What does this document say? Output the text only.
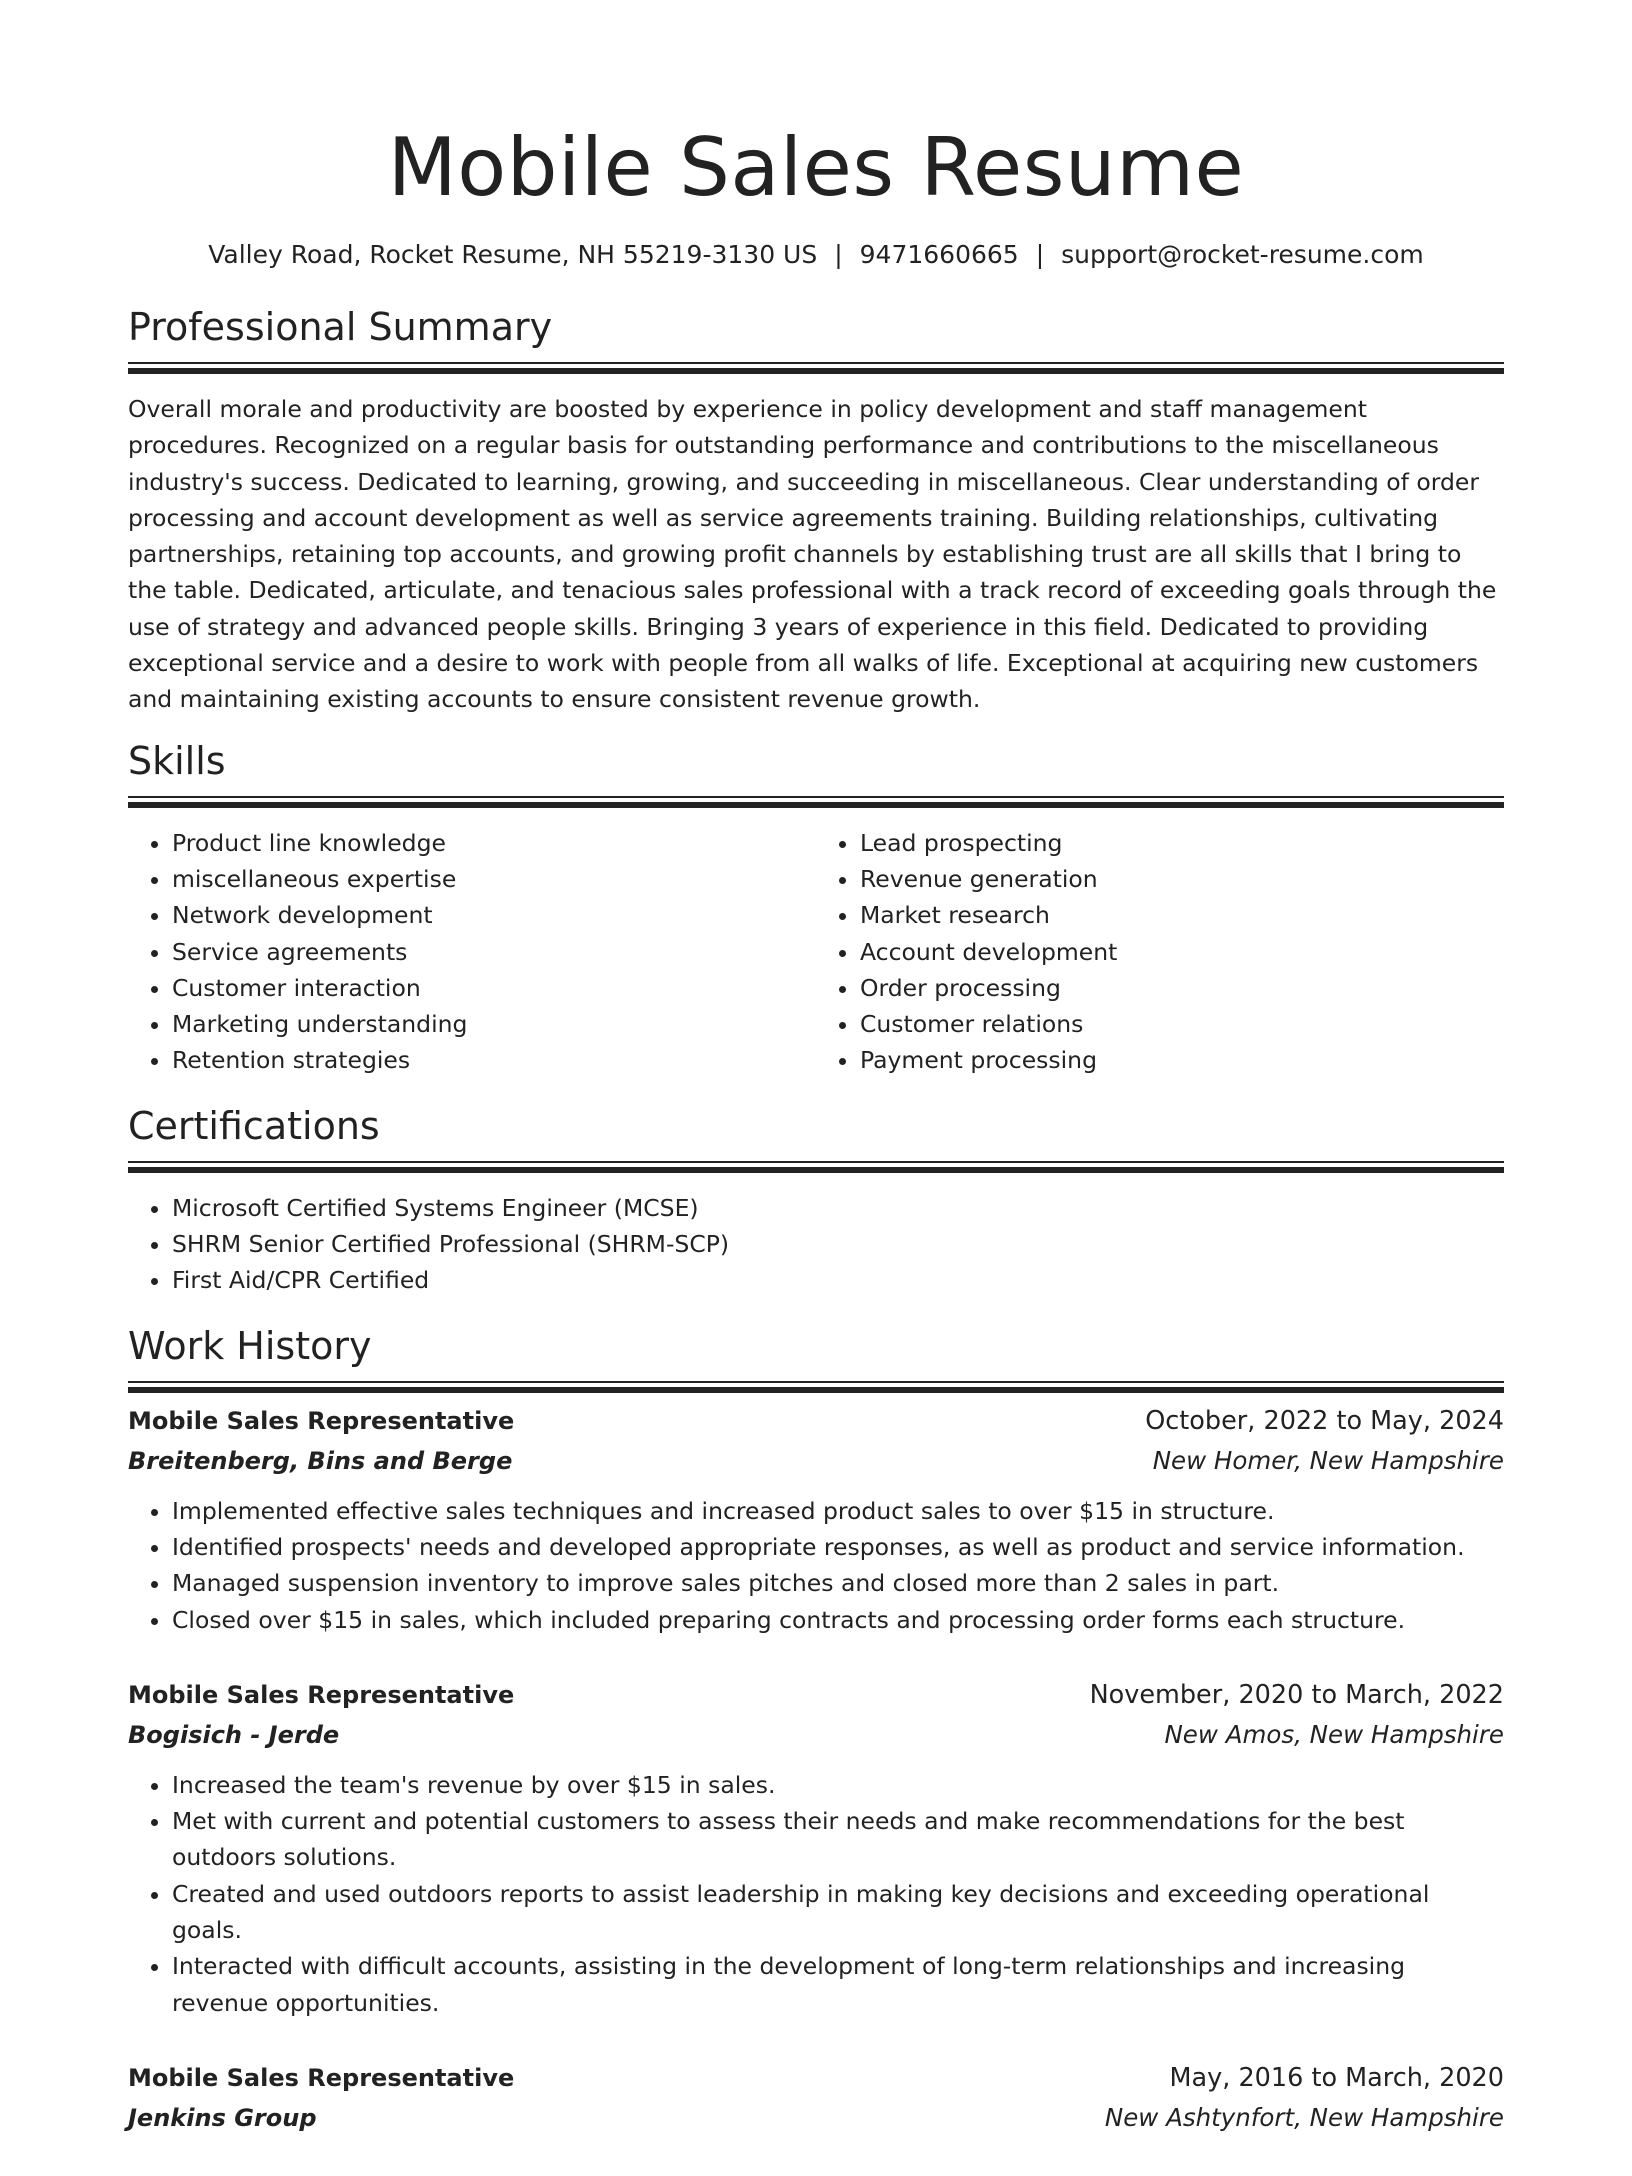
Mobile Sales Resume
Valley Road, Rocket Resume, NH 55219-3130 US | 9471660665 | support@rocket-resume.com
Professional Summary

Overall morale and productivity are boosted by experience in policy development and staff management procedures. Recognized on a regular basis for outstanding performance and contributions to the miscellaneous industry's success. Dedicated to learning, growing, and succeeding in miscellaneous. Clear understanding of order processing and account development as well as service agreements training. Building relationships, cultivating partnerships, retaining top accounts, and growing profit channels by establishing trust are all skills that I bring to the table. Dedicated, articulate, and tenacious sales professional with a track record of exceeding goals through the use of strategy and advanced people skills. Bringing 3 years of experience in this field. Dedicated to providing exceptional service and a desire to work with people from all walks of life. Exceptional at acquiring new customers and maintaining existing accounts to ensure consistent revenue growth.

Skills
• Product line knowledge
• miscellaneous expertise
• Network development
• Service agreements
• Customer interaction
• Marketing understanding
• Retention strategies
• Lead prospecting
• Revenue generation
• Market research
• Account development
• Order processing
• Customer relations
• Payment processing
Certifications
• Microsoft Certified Systems Engineer (MCSE)
• SHRM Senior Certified Professional (SHRM-SCP)
• First Aid/CPR Certified
Work History
Mobile Sales Representative	October, 2022 to May, 2024
Breitenberg, Bins and Berge	New Homer, New Hampshire
• Implemented effective sales techniques and increased product sales to over $15 in structure.
• Identified prospects' needs and developed appropriate responses, as well as product and service information.
• Managed suspension inventory to improve sales pitches and closed more than 2 sales in part.
• Closed over $15 in sales, which included preparing contracts and processing order forms each structure.
Mobile Sales Representative	November, 2020 to March, 2022
Bogisich - Jerde	New Amos, New Hampshire
• Increased the team's revenue by over $15 in sales.
• Met with current and potential customers to assess their needs and make recommendations for the best outdoors solutions.
• Created and used outdoors reports to assist leadership in making key decisions and exceeding operational goals.
• Interacted with difficult accounts, assisting in the development of long-term relationships and increasing revenue opportunities.
Mobile Sales Representative	May, 2016 to March, 2020
Jenkins Group	New Ashtynfort, New Hampshire
